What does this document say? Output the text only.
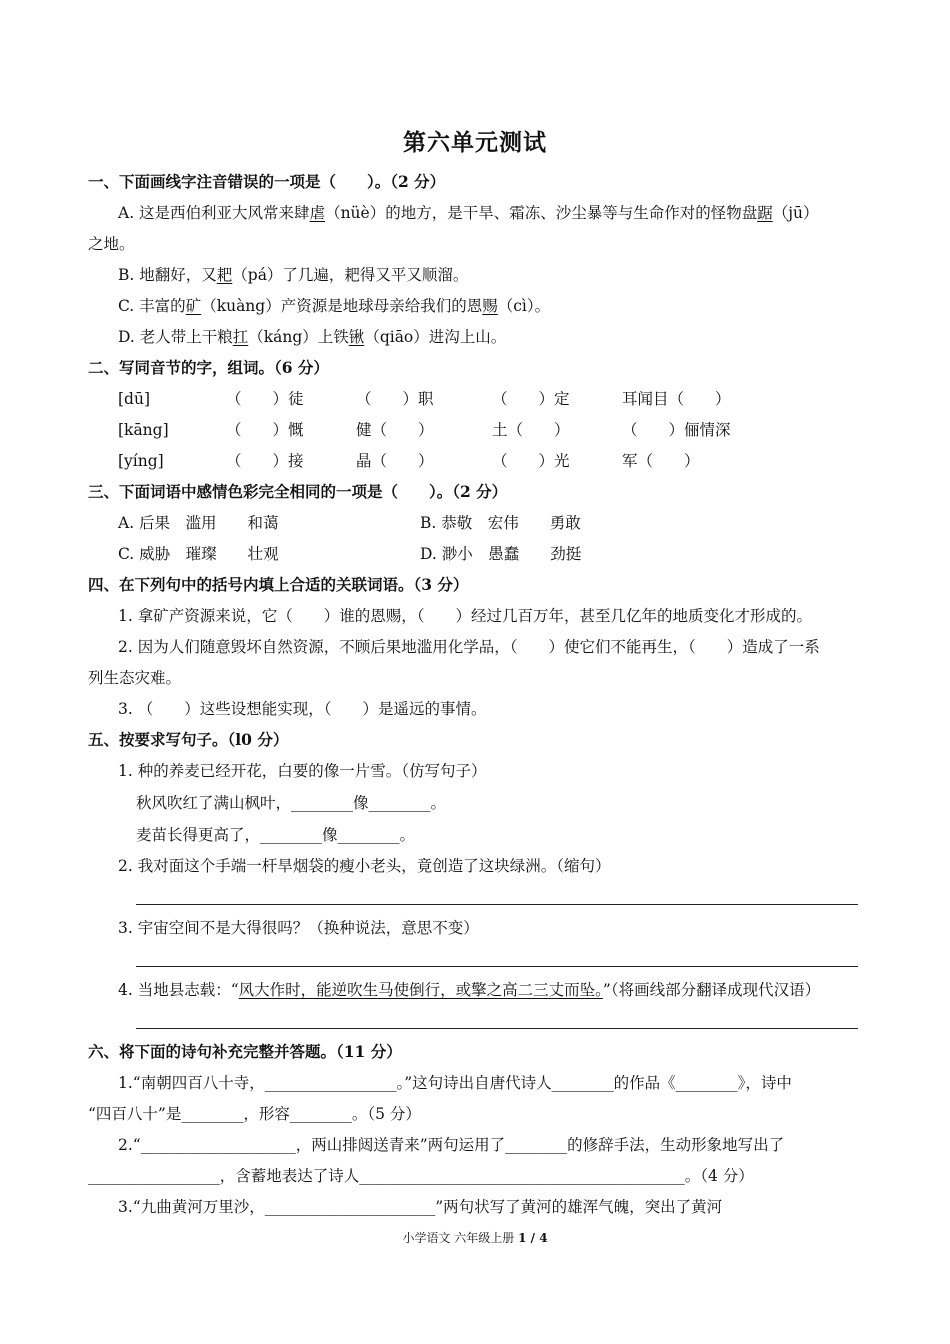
第六单元测试
一、下面画线字注音错误的一项是（　　）。（2 分）
A. 这是西伯利亚大风常来肆虐（nüè）的地方，是干旱、霜冻、沙尘暴等与生命作对的怪物盘踞（jū）
之地。
B. 地翻好，又耙（pá）了几遍，耙得又平又顺溜。
C. 丰富的矿（kuàng）产资源是地球母亲给我们的恩赐（cì）。
D. 老人带上干粮扛（káng）上铁锹（qiāo）进沟上山。
二、写同音节的字，组词。（6 分）
[dū]	（　　）徒	（　　）职	（　　）定	耳闻目（　　）
[kāng]	（　　）慨	健（　　）	土（　　）	（　　）俪情深
[yíng]	（　　）接	晶（　　）	（　　）光	军（　　）
三、下面词语中感情色彩完全相同的一项是（　　）。（2 分）
A. 后果　滥用　　和蔼	B. 恭敬　宏伟　　勇敢
C. 威胁　璀璨　　壮观	D. 渺小　愚蠢　　劲挺
四、在下列句中的括号内填上合适的关联词语。（3 分）
1. 拿矿产资源来说，它（　　）谁的恩赐，（　　）经过几百万年，甚至几亿年的地质变化才形成的。
2. 因为人们随意毁坏自然资源，不顾后果地滥用化学品，（　　）使它们不能再生，（　　）造成了一系
列生态灾难。
3. （　　）这些设想能实现，（　　）是遥远的事情。
五、按要求写句子。（l0 分）
1. 种的养麦已经开花，白要的像一片雪。（仿写句子）
秋风吹红了满山枫叶，________像________。
麦苗长得更高了，________像________。
2. 我对面这个手端一杆旱烟袋的瘦小老头，竟创造了这块绿洲。（缩句）
3. 宇宙空间不是大得很吗？（换种说法，意思不变）
4. 当地县志载：“风大作时，能逆吹生马使倒行，或擎之高二三丈而坠。”（将画线部分翻译成现代汉语）
六、将下面的诗句补充完整并答题。（11 分）
1.“南朝四百八十寺，_________________。”这句诗出自唐代诗人________的作品《________》，诗中
“四百八十”是________，形容________。（5 分）
2.“____________________，两山排闼送青来”两句运用了________的修辞手法，生动形象地写出了
_________________，含蓄地表达了诗人__________________________________________。（4 分）
3.“九曲黄河万里沙，______________________”两句状写了黄河的雄浑气魄，突出了黄河
小学语文 六年级上册 1 / 4
